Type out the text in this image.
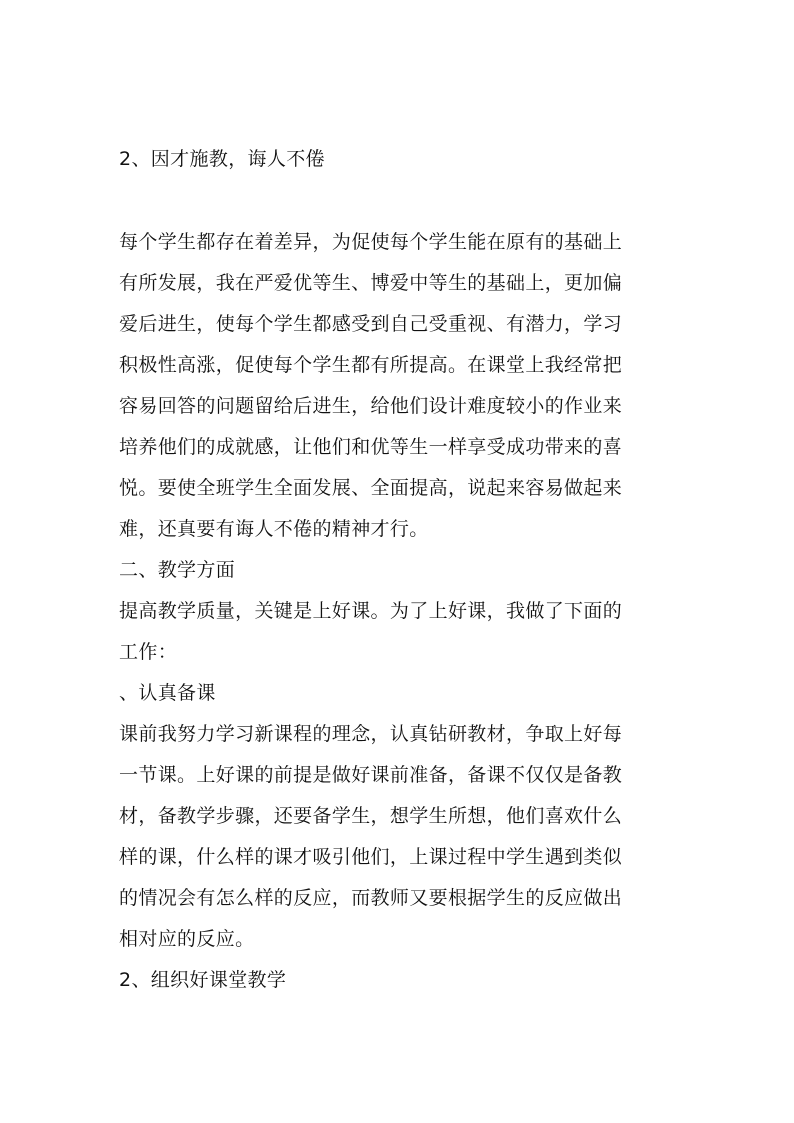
2、因才施教，诲人不倦
每个学生都存在着差异，为促使每个学生能在原有的基础上
有所发展，我在严爱优等生、博爱中等生的基础上，更加偏
爱后进生，使每个学生都感受到自己受重视、有潜力，学习
积极性高涨，促使每个学生都有所提高。在课堂上我经常把
容易回答的问题留给后进生，给他们设计难度较小的作业来
培养他们的成就感，让他们和优等生一样享受成功带来的喜
悦。要使全班学生全面发展、全面提高，说起来容易做起来
难，还真要有诲人不倦的精神才行。
二、教学方面
提高教学质量，关键是上好课。为了上好课，我做了下面的
工作：
、认真备课
课前我努力学习新课程的理念，认真钻研教材，争取上好每
一节课。上好课的前提是做好课前准备，备课不仅仅是备教
材，备教学步骤，还要备学生，想学生所想，他们喜欢什么
样的课，什么样的课才吸引他们，上课过程中学生遇到类似
的情况会有怎么样的反应，而教师又要根据学生的反应做出
相对应的反应。
2、组织好课堂教学
